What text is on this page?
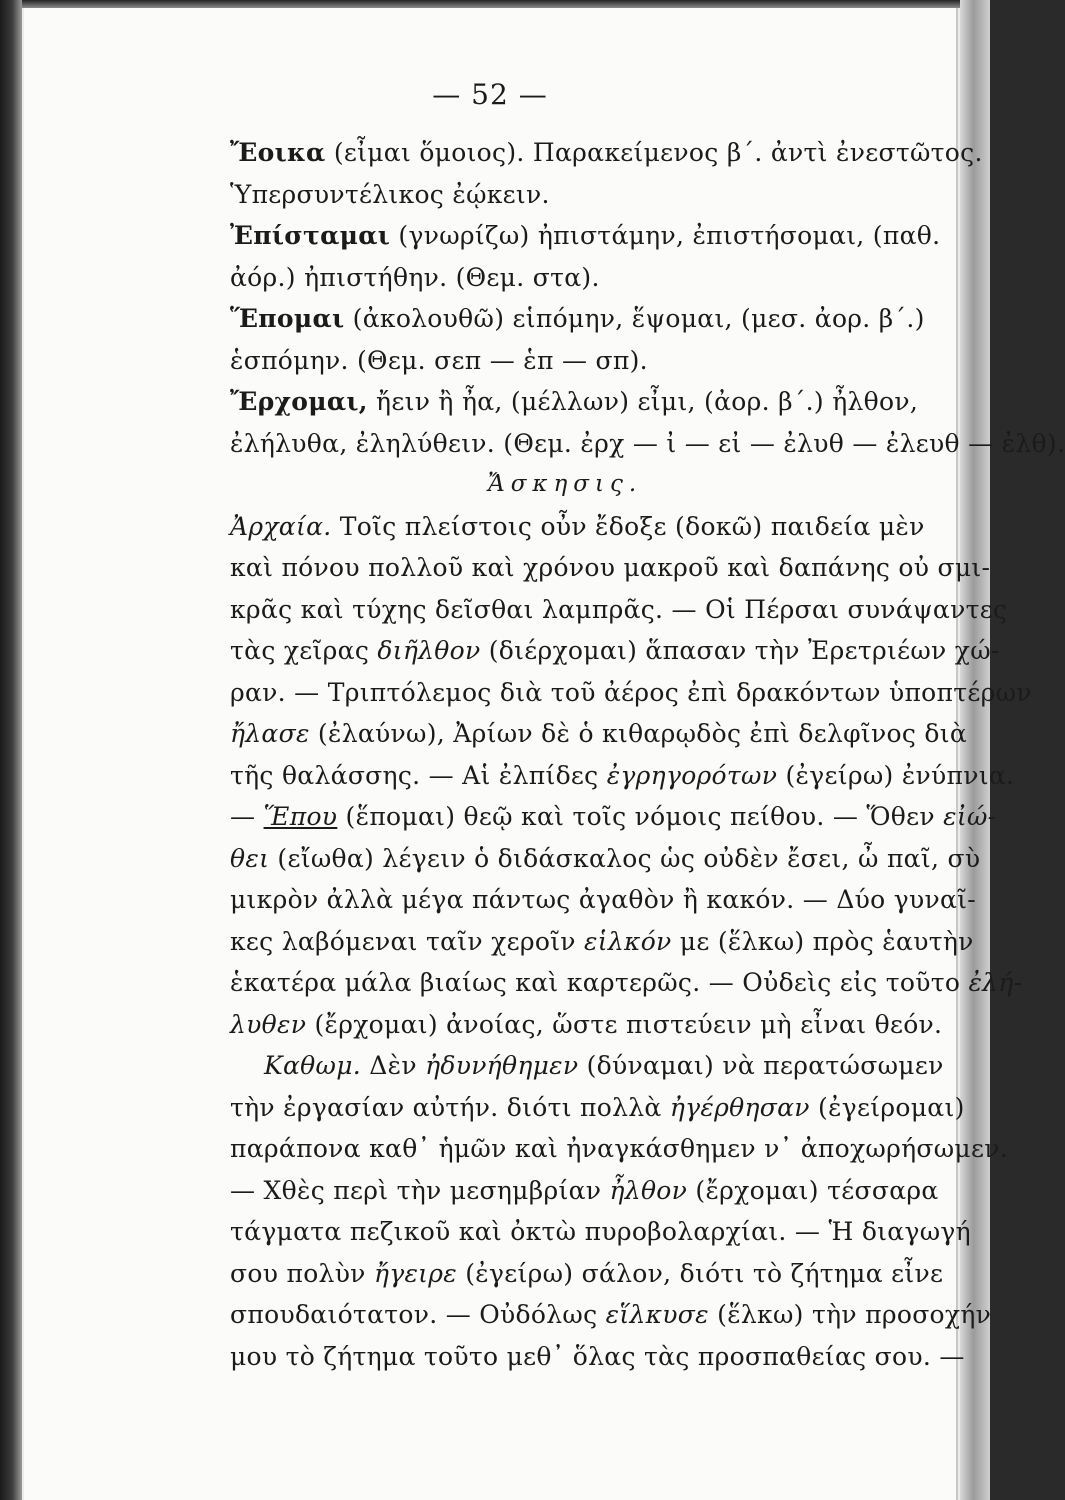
— 52 —
Ἔοικα (εἶμαι ὅμοιος). Παρακείμενος β΄. ἀντὶ ἐνεστῶτος.
Ὑπερσυντέλικος ἐῴκειν.
Ἐπίσταμαι (γνωρίζω) ἠπιστάμην, ἐπιστήσομαι, (παθ.
ἀόρ.) ἠπιστήθην. (Θεμ. στα).
Ἕπομαι (ἀκολουθῶ) εἱπόμην, ἕψομαι, (μεσ. ἀορ. β΄.)
ἑσπόμην. (Θεμ. σεπ — ἑπ — σπ).
Ἔρχομαι, ἤειν ἢ ἦα, (μέλλων) εἶμι, (ἀορ. β΄.) ἦλθον,
ἐλήλυθα, ἐληλύθειν. (Θεμ. ἐρχ — ἰ — εἰ — ἐλυθ — ἐλευθ — ἐλθ).
Ἄσκησις.
Ἀρχαία. Τοῖς πλείστοις οὖν ἔδοξε (δοκῶ) παιδεία μὲν
καὶ πόνου πολλοῦ καὶ χρόνου μακροῦ καὶ δαπάνης οὐ σμι-
κρᾶς καὶ τύχης δεῖσθαι λαμπρᾶς. — Οἱ Πέρσαι συνάψαντες
τὰς χεῖρας διῆλθον (διέρχομαι) ἅπασαν τὴν Ἐρετριέων χώ-
ραν. — Τριπτόλεμος διὰ τοῦ ἀέρος ἐπὶ δρακόντων ὑποπτέρων
ἤλασε (ἐλαύνω), Ἀρίων δὲ ὁ κιθαρῳδὸς ἐπὶ δελφῖνος διὰ
τῆς θαλάσσης. — Αἱ ἐλπίδες ἐγρηγορότων (ἐγείρω) ἐνύπνια.
— Ἕπου (ἕπομαι) θεῷ καὶ τοῖς νόμοις πείθου. — Ὅθεν εἰώ-
θει (εἴωθα) λέγειν ὁ διδάσκαλος ὡς οὐδὲν ἔσει, ὦ παῖ, σὺ
μικρὸν ἀλλὰ μέγα πάντως ἀγαθὸν ἢ κακόν. — Δύο γυναῖ-
κες λαβόμεναι ταῖν χεροῖν εἱλκόν με (ἕλκω) πρὸς ἑαυτὴν
ἑκατέρα μάλα βιαίως καὶ καρτερῶς. — Οὐδεὶς εἰς τοῦτο ἐλή-
λυθεν (ἔρχομαι) ἀνοίας, ὥστε πιστεύειν μὴ εἶναι θεόν.
Καθωμ. Δὲν ἠδυνήθημεν (δύναμαι) νὰ περατώσωμεν
τὴν ἐργασίαν αὐτήν. διότι πολλὰ ἠγέρθησαν (ἐγείρομαι)
παράπονα καθ᾿ ἡμῶν καὶ ἠναγκάσθημεν ν᾿ ἀποχωρήσωμεν.
— Χθὲς περὶ τὴν μεσημβρίαν ἦλθον (ἔρχομαι) τέσσαρα
τάγματα πεζικοῦ καὶ ὀκτὼ πυροβολαρχίαι. — Ἡ διαγωγή
σου πολὺν ἤγειρε (ἐγείρω) σάλον, διότι τὸ ζήτημα εἶνε
σπουδαιότατον. — Οὐδόλως εἵλκυσε (ἕλκω) τὴν προσοχήν
μου τὸ ζήτημα τοῦτο μεθ᾿ ὅλας τὰς προσπαθείας σου. —
